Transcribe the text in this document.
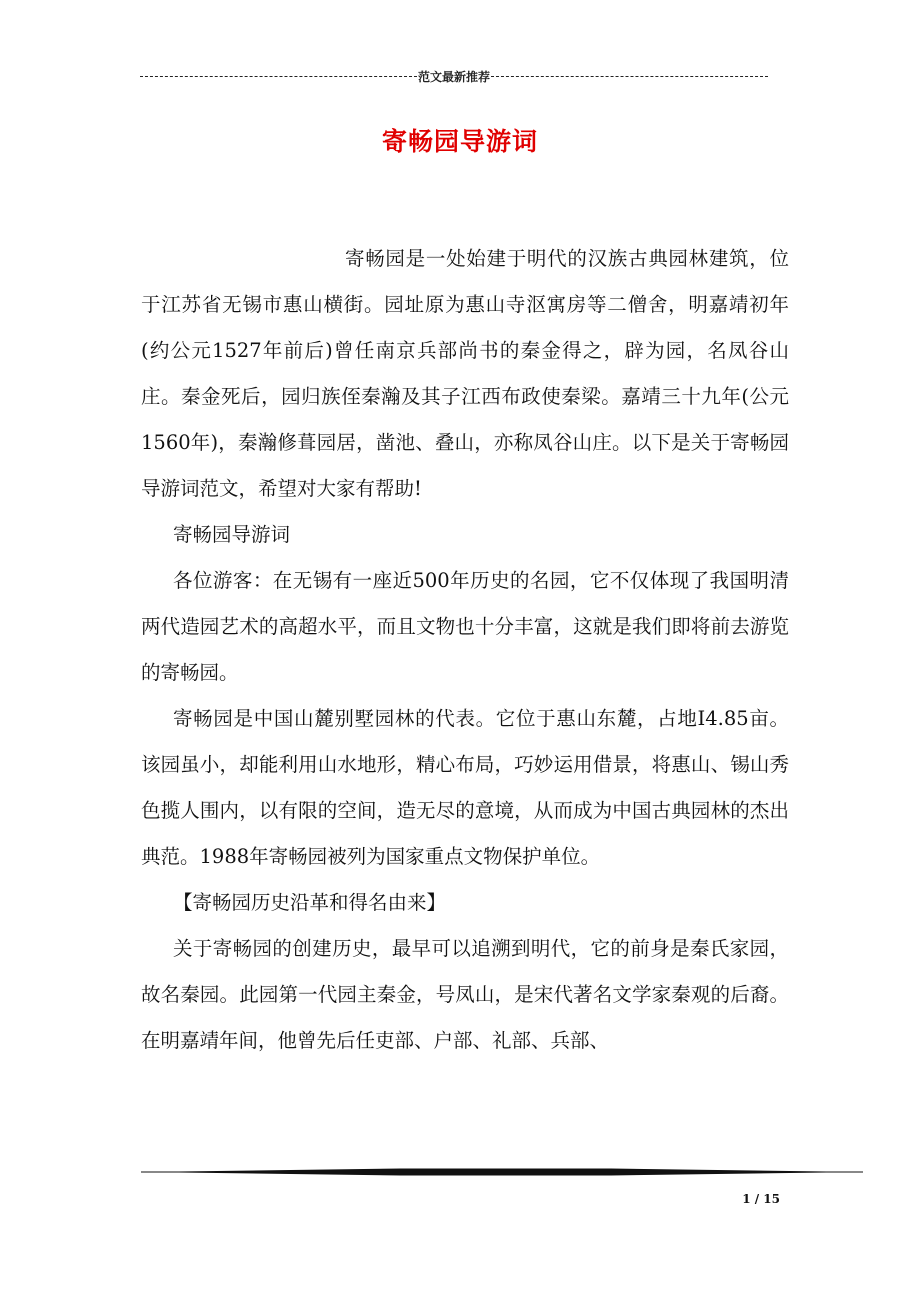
范文最新推荐
寄畅园导游词

寄畅园是一处始建于明代的汉族古典园林建筑，位于江苏省无锡市惠山横街。园址原为惠山寺沤寓房等二僧舍，明嘉靖初年(约公元1527年前后)曾任南京兵部尚书的秦金得之，辟为园，名凤谷山庄。秦金死后，园归族侄秦瀚及其子江西布政使秦梁。嘉靖三十九年(公元1560年)，秦瀚修葺园居，凿池、叠山，亦称凤谷山庄。以下是关于寄畅园导游词范文，希望对大家有帮助!

寄畅园导游词

各位游客：在无锡有一座近500年历史的名园，它不仅体现了我国明清两代造园艺术的高超水平，而且文物也十分丰富，这就是我们即将前去游览的寄畅园。

寄畅园是中国山麓别墅园林的代表。它位于惠山东麓，占地I4.85亩。该园虽小，却能利用山水地形，精心布局，巧妙运用借景，将惠山、锡山秀色揽人围内，以有限的空间，造无尽的意境，从而成为中国古典园林的杰出典范。1988年寄畅园被列为国家重点文物保护单位。

【寄畅园历史沿革和得名由来】

关于寄畅园的创建历史，最早可以追溯到明代，它的前身是秦氏家园，故名秦园。此园第一代园主秦金，号凤山，是宋代著名文学家秦观的后裔。在明嘉靖年间，他曾先后任吏部、户部、礼部、兵部、

1 / 15
